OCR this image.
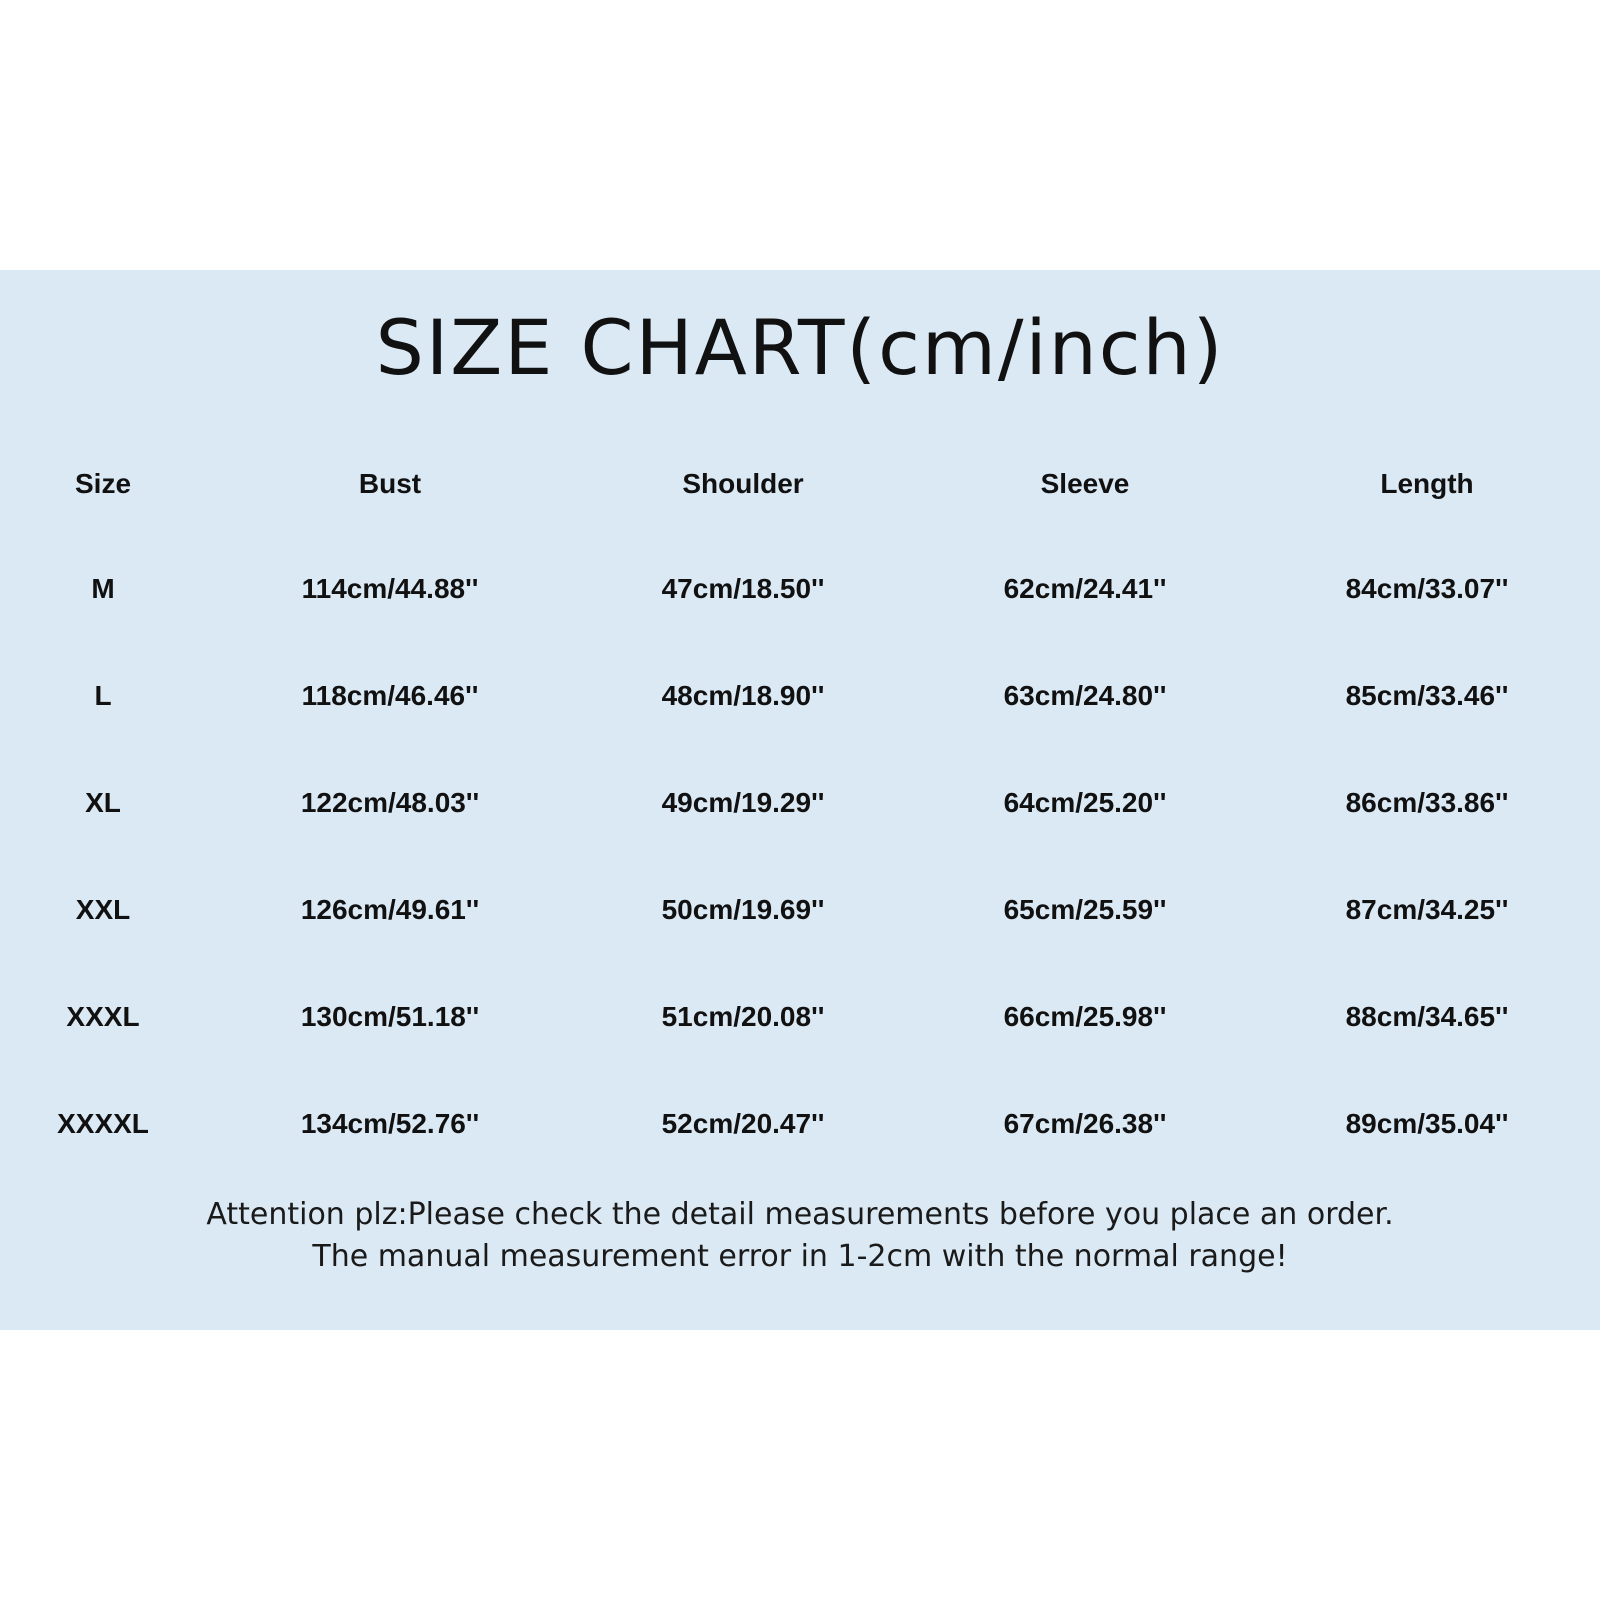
SIZE CHART(cm/inch)
Size	Bust	Shoulder	Sleeve	Length
M	114cm/44.88''	47cm/18.50''	62cm/24.41''	84cm/33.07''
L	118cm/46.46''	48cm/18.90''	63cm/24.80''	85cm/33.46''
XL	122cm/48.03''	49cm/19.29''	64cm/25.20''	86cm/33.86''
XXL	126cm/49.61''	50cm/19.69''	65cm/25.59''	87cm/34.25''
XXXL	130cm/51.18''	51cm/20.08''	66cm/25.98''	88cm/34.65''
XXXXL	134cm/52.76''	52cm/20.47''	67cm/26.38''	89cm/35.04''
Attention plz:Please check the detail measurements before you place an order.
The manual measurement error in 1-2cm with the normal range!
